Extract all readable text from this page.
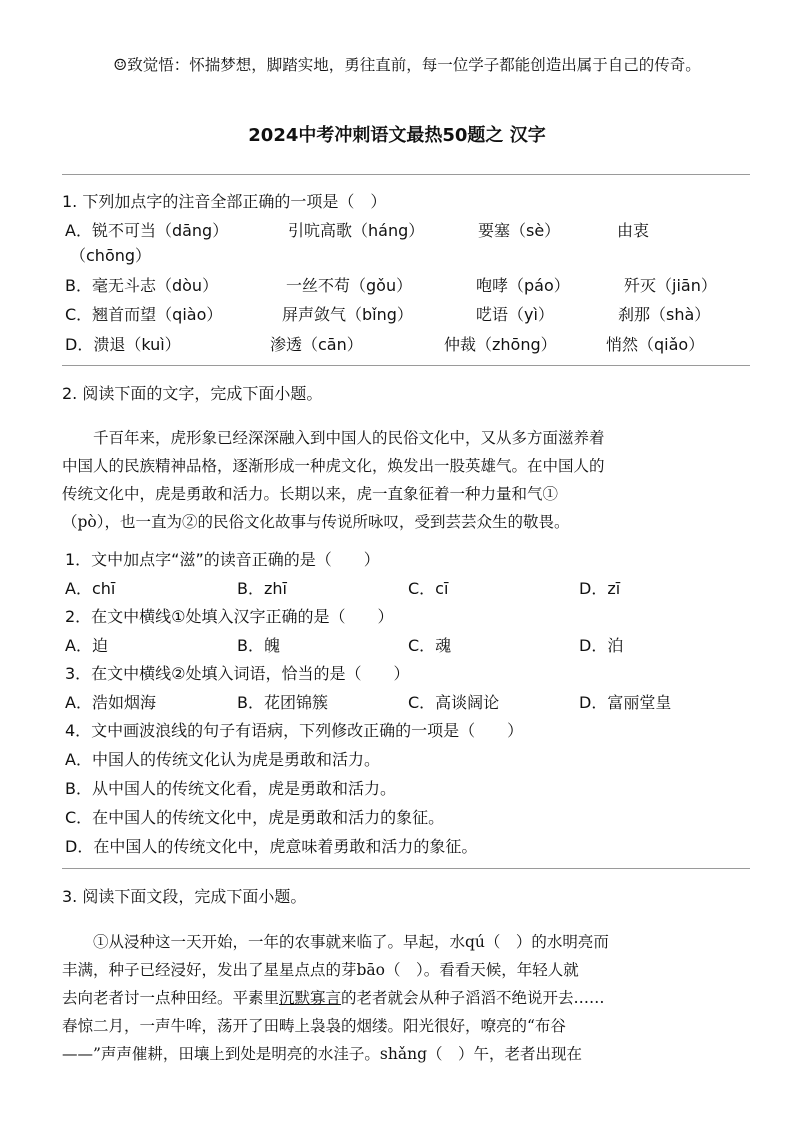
☺致觉悟：怀揣梦想，脚踏实地，勇往直前，每一位学子都能创造出属于自己的传奇。
2024中考冲刺语文最热50题之 汉字
1. 下列加点字的注音全部正确的一项是（　）
A．锐不可当（dāng）	引吭高歌（háng）	要塞（sè）	由衷
（chōng）
B．毫无斗志（dòu）	一丝不苟（gǒu）	咆哮（páo）	歼灭（jiān）
C．翘首而望（qiào）	屏声敛气（bǐng）	呓语（yì）	刹那（shà）
D．溃退（kuì）	渗透（cān）	仲裁（zhōng）	悄然（qiǎo）
2. 阅读下面的文字，完成下面小题。
千百年来，虎形象已经深深融入到中国人的民俗文化中，又从多方面滋养着
中国人的民族精神品格，逐渐形成一种虎文化，焕发出一股英雄气。在中国人的
传统文化中，虎是勇敢和活力。长期以来，虎一直象征着一种力量和气①
（pò），也一直为②的民俗文化故事与传说所咏叹，受到芸芸众生的敬畏。
1．文中加点字“滋”的读音正确的是（　　）
A．chī	B．zhī	C．cī	D．zī
2．在文中横线①处填入汉字正确的是（　　）
A．迫	B．魄	C．魂	D．泊
3．在文中横线②处填入词语，恰当的是（　　）
A．浩如烟海	B．花团锦簇	C．高谈阔论	D．富丽堂皇
4．文中画波浪线的句子有语病，下列修改正确的一项是（　　）
A．中国人的传统文化认为虎是勇敢和活力。
B．从中国人的传统文化看，虎是勇敢和活力。
C．在中国人的传统文化中，虎是勇敢和活力的象征。
D．在中国人的传统文化中，虎意味着勇敢和活力的象征。
3. 阅读下面文段，完成下面小题。
①从浸种这一天开始，一年的农事就来临了。早起，水qú（　）的水明亮而
丰满，种子已经浸好，发出了星星点点的芽bāo（　）。看看天候，年轻人就
去向老者讨一点种田经。平素里沉默寡言的老者就会从种子滔滔不绝说开去……
春惊二月，一声牛哞，荡开了田畴上袅袅的烟缕。阳光很好，嘹亮的“布谷
——”声声催耕，田壤上到处是明亮的水洼子。shǎng（　）午，老者出现在
